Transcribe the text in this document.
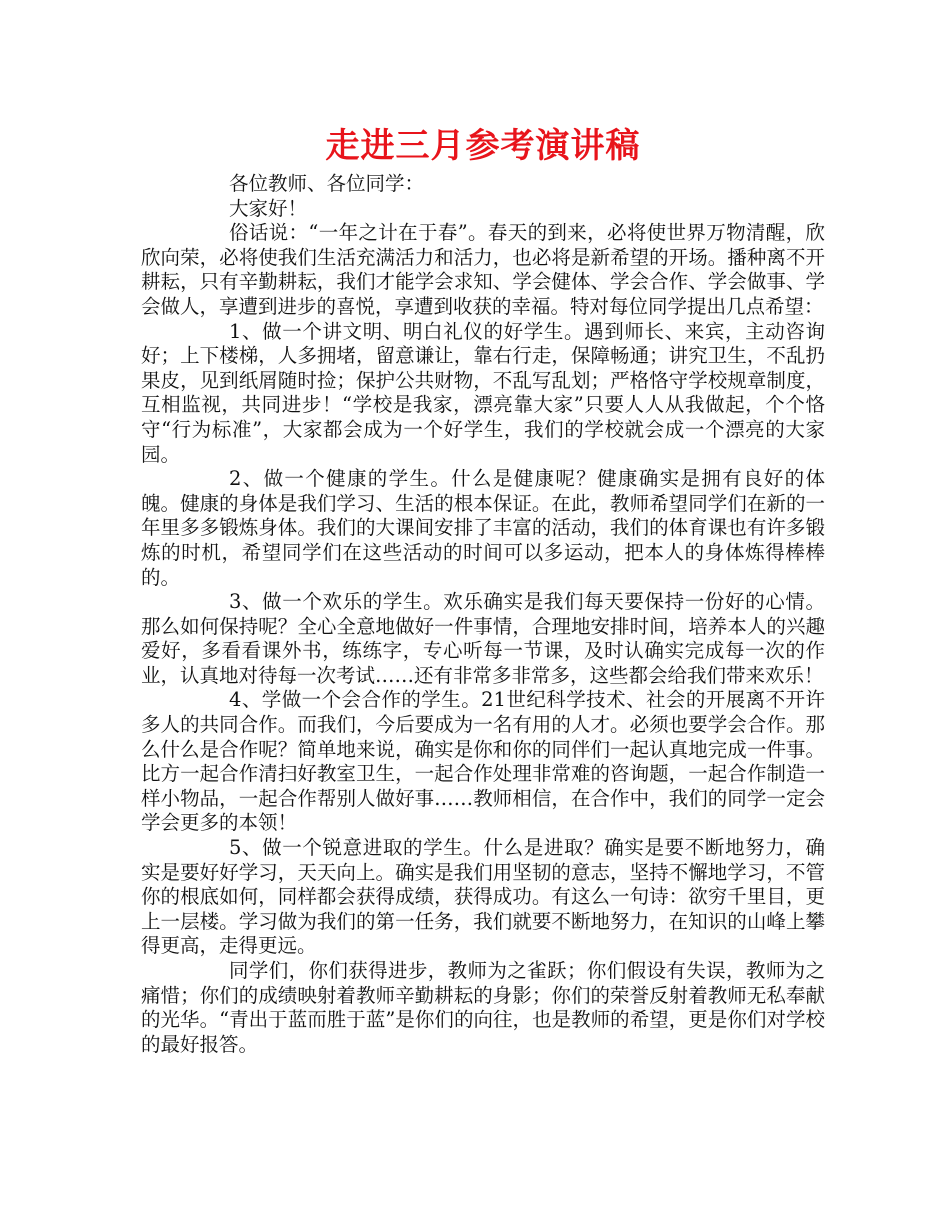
走进三月参考演讲稿

各位教师、各位同学：

大家好！

俗话说：“一年之计在于春”。春天的到来，必将使世界万物清醒，欣欣向荣，必将使我们生活充满活力和活力，也必将是新希望的开场。播种离不开耕耘，只有辛勤耕耘，我们才能学会求知、学会健体、学会合作、学会做事、学会做人，享遭到进步的喜悦，享遭到收获的幸福。特对每位同学提出几点希望：

1、做一个讲文明、明白礼仪的好学生。遇到师长、来宾，主动咨询好；上下楼梯，人多拥堵，留意谦让，靠右行走，保障畅通；讲究卫生，不乱扔果皮，见到纸屑随时捡；保护公共财物，不乱写乱划；严格恪守学校规章制度，互相监视，共同进步！“学校是我家，漂亮靠大家”只要人人从我做起，个个恪守“行为标准”，大家都会成为一个好学生，我们的学校就会成一个漂亮的大家园。

2、做一个健康的学生。什么是健康呢？健康确实是拥有良好的体魄。健康的身体是我们学习、生活的根本保证。在此，教师希望同学们在新的一年里多多锻炼身体。我们的大课间安排了丰富的活动，我们的体育课也有许多锻炼的时机，希望同学们在这些活动的时间可以多运动，把本人的身体炼得棒棒的。

3、做一个欢乐的学生。欢乐确实是我们每天要保持一份好的心情。那么如何保持呢？全心全意地做好一件事情，合理地安排时间，培养本人的兴趣爱好，多看看课外书，练练字，专心听每一节课，及时认确实完成每一次的作业，认真地对待每一次考试……还有非常多非常多，这些都会给我们带来欢乐！

4、学做一个会合作的学生。21世纪科学技术、社会的开展离不开许多人的共同合作。而我们，今后要成为一名有用的人才。必须也要学会合作。那么什么是合作呢？简单地来说，确实是你和你的同伴们一起认真地完成一件事。比方一起合作清扫好教室卫生，一起合作处理非常难的咨询题，一起合作制造一样小物品，一起合作帮别人做好事……教师相信，在合作中，我们的同学一定会学会更多的本领！

5、做一个锐意进取的学生。什么是进取？确实是要不断地努力，确实是要好好学习，天天向上。确实是我们用坚韧的意志，坚持不懈地学习，不管你的根底如何，同样都会获得成绩，获得成功。有这么一句诗：欲穷千里目，更上一层楼。学习做为我们的第一任务，我们就要不断地努力，在知识的山峰上攀得更高，走得更远。

同学们，你们获得进步，教师为之雀跃；你们假设有失误，教师为之痛惜；你们的成绩映射着教师辛勤耕耘的身影；你们的荣誉反射着教师无私奉献的光华。“青出于蓝而胜于蓝”是你们的向往，也是教师的希望，更是你们对学校的最好报答。
